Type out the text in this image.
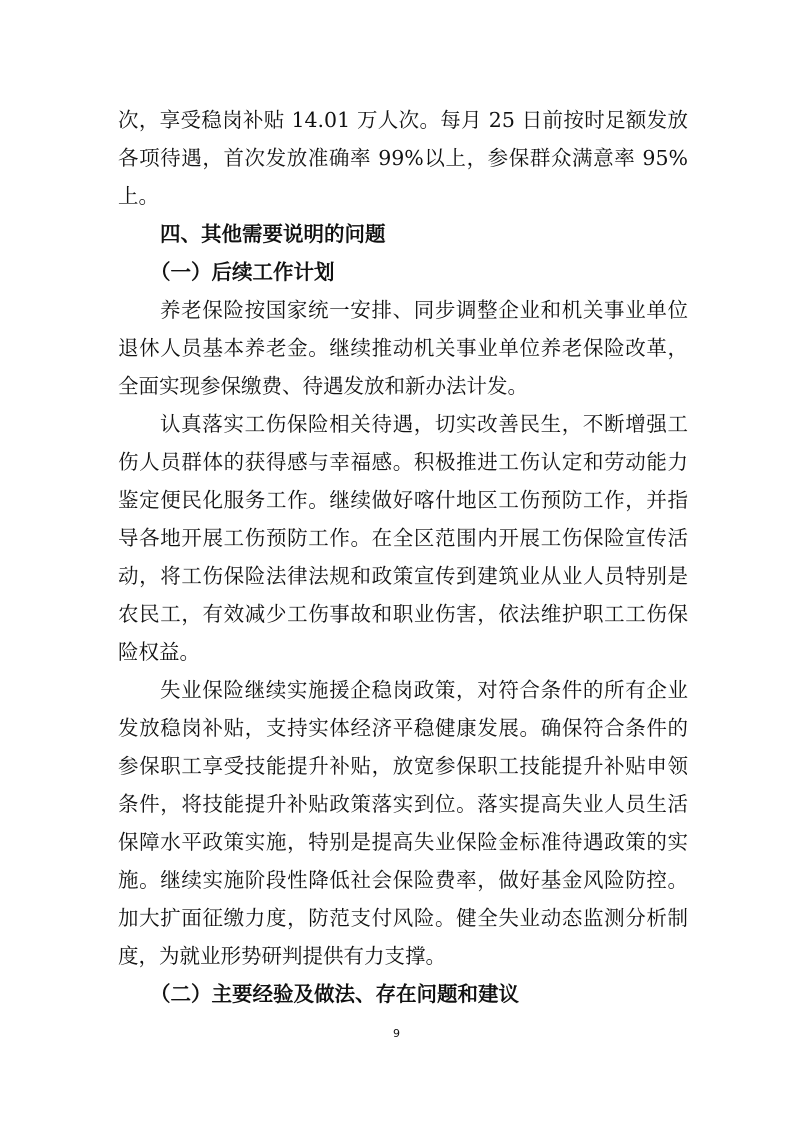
次，享受稳岗补贴 14.01 万人次。每月 25 日前按时足额发放
各项待遇，首次发放准确率 99%以上，参保群众满意率 95%
上。
四、其他需要说明的问题
（一）后续工作计划
养老保险按国家统一安排、同步调整企业和机关事业单位
退休人员基本养老金。继续推动机关事业单位养老保险改革，
全面实现参保缴费、待遇发放和新办法计发。
认真落实工伤保险相关待遇，切实改善民生，不断增强工
伤人员群体的获得感与幸福感。积极推进工伤认定和劳动能力
鉴定便民化服务工作。继续做好喀什地区工伤预防工作，并指
导各地开展工伤预防工作。在全区范围内开展工伤保险宣传活
动，将工伤保险法律法规和政策宣传到建筑业从业人员特别是
农民工，有效减少工伤事故和职业伤害，依法维护职工工伤保
险权益。
失业保险继续实施援企稳岗政策，对符合条件的所有企业
发放稳岗补贴，支持实体经济平稳健康发展。确保符合条件的
参保职工享受技能提升补贴，放宽参保职工技能提升补贴申领
条件，将技能提升补贴政策落实到位。落实提高失业人员生活
保障水平政策实施，特别是提高失业保险金标准待遇政策的实
施。继续实施阶段性降低社会保险费率，做好基金风险防控。
加大扩面征缴力度，防范支付风险。健全失业动态监测分析制
度，为就业形势研判提供有力支撑。
（二）主要经验及做法、存在问题和建议
9
